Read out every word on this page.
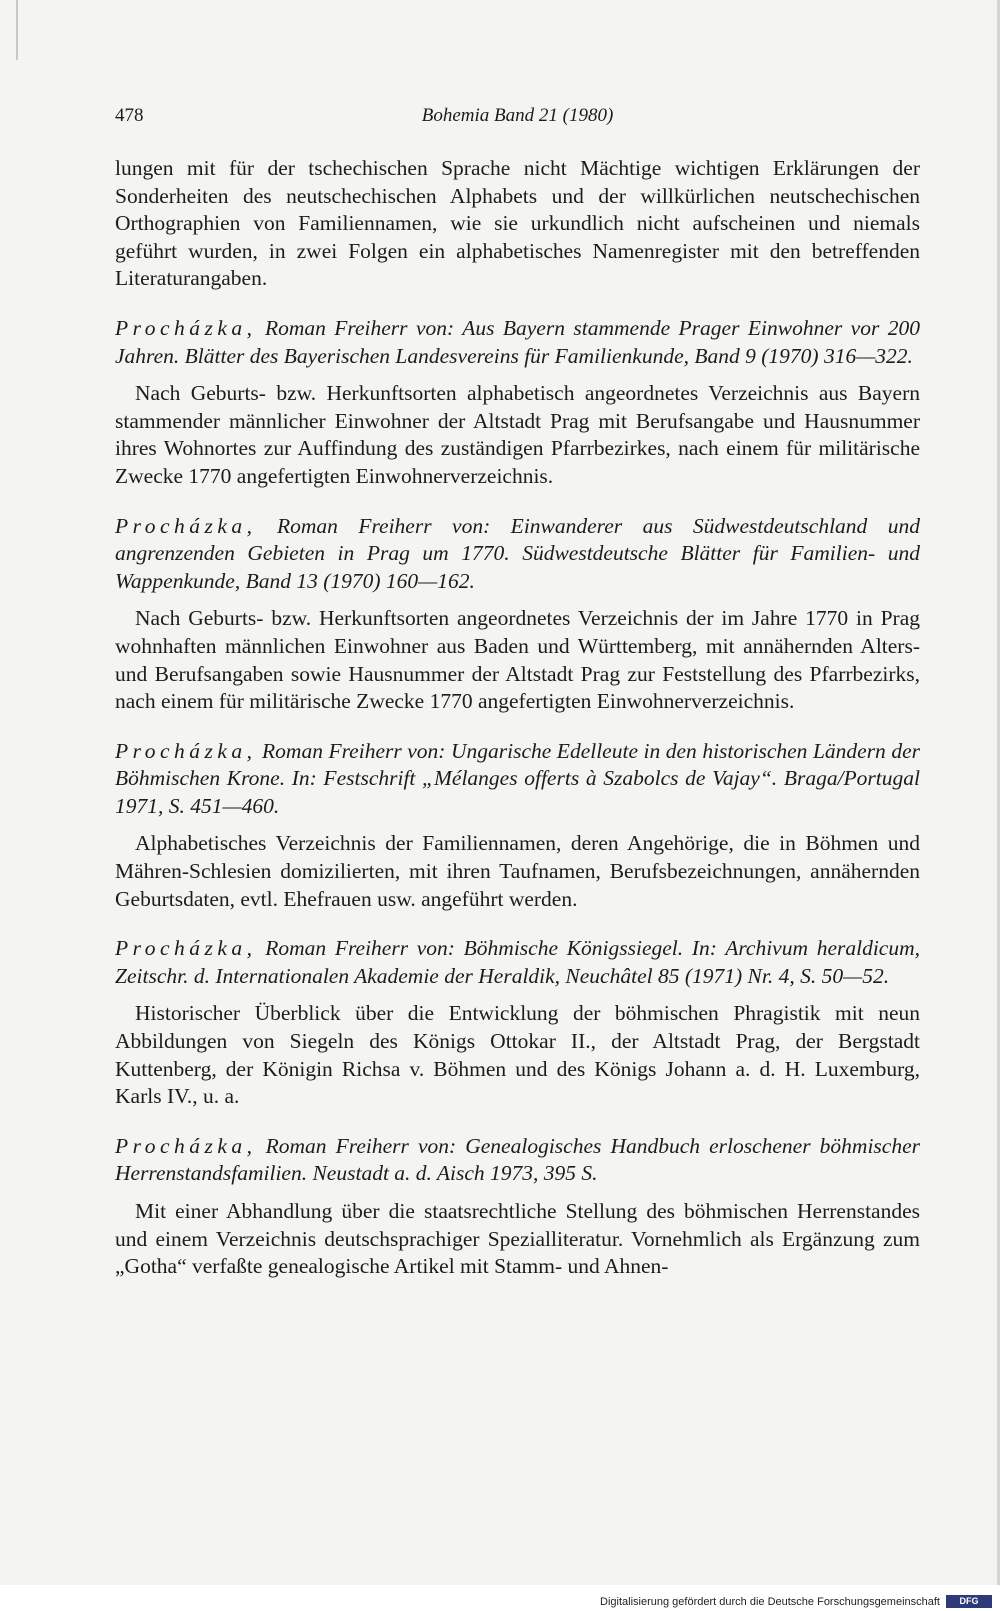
478	Bohemia Band 21 (1980)

lungen mit für der tschechischen Sprache nicht Mächtige wichtigen Erklärungen der Sonderheiten des neutschechischen Alphabets und der willkürlichen neutschechischen Orthographien von Familiennamen, wie sie urkundlich nicht aufscheinen und niemals geführt wurden, in zwei Folgen ein alphabetisches Namenregister mit den betreffenden Literaturangaben.

Procházka, Roman Freiherr von: Aus Bayern stammende Prager Einwohner vor 200 Jahren. Blätter des Bayerischen Landesvereins für Familienkunde, Band 9 (1970) 316—322.

Nach Geburts- bzw. Herkunftsorten alphabetisch angeordnetes Verzeichnis aus Bayern stammender männlicher Einwohner der Altstadt Prag mit Berufsangabe und Hausnummer ihres Wohnortes zur Auffindung des zuständigen Pfarrbezirkes, nach einem für militärische Zwecke 1770 angefertigten Einwohnerverzeichnis.

Procházka, Roman Freiherr von: Einwanderer aus Südwestdeutschland und angrenzenden Gebieten in Prag um 1770. Südwestdeutsche Blätter für Familien- und Wappenkunde, Band 13 (1970) 160—162.

Nach Geburts- bzw. Herkunftsorten angeordnetes Verzeichnis der im Jahre 1770 in Prag wohnhaften männlichen Einwohner aus Baden und Württemberg, mit annähernden Alters- und Berufsangaben sowie Hausnummer der Altstadt Prag zur Feststellung des Pfarrbezirks, nach einem für militärische Zwecke 1770 angefertigten Einwohnerverzeichnis.

Procházka, Roman Freiherr von: Ungarische Edelleute in den historischen Ländern der Böhmischen Krone. In: Festschrift „Mélanges offerts à Szabolcs de Vajay“. Braga/Portugal 1971, S. 451—460.

Alphabetisches Verzeichnis der Familiennamen, deren Angehörige, die in Böhmen und Mähren-Schlesien domizilierten, mit ihren Taufnamen, Berufsbezeichnungen, annähernden Geburtsdaten, evtl. Ehefrauen usw. angeführt werden.

Procházka, Roman Freiherr von: Böhmische Königssiegel. In: Archivum heraldicum, Zeitschr. d. Internationalen Akademie der Heraldik, Neuchâtel 85 (1971) Nr. 4, S. 50—52.

Historischer Überblick über die Entwicklung der böhmischen Phragistik mit neun Abbildungen von Siegeln des Königs Ottokar II., der Altstadt Prag, der Bergstadt Kuttenberg, der Königin Richsa v. Böhmen und des Königs Johann a. d. H. Luxemburg, Karls IV., u. a.

Procházka, Roman Freiherr von: Genealogisches Handbuch erloschener böhmischer Herrenstandsfamilien. Neustadt a. d. Aisch 1973, 395 S.

Mit einer Abhandlung über die staatsrechtliche Stellung des böhmischen Herrenstandes und einem Verzeichnis deutschsprachiger Spezialliteratur. Vornehmlich als Ergänzung zum „Gotha“ verfaßte genealogische Artikel mit Stamm- und Ahnen-

Digitalisierung gefördert durch die Deutsche Forschungsgemeinschaft	DFG
